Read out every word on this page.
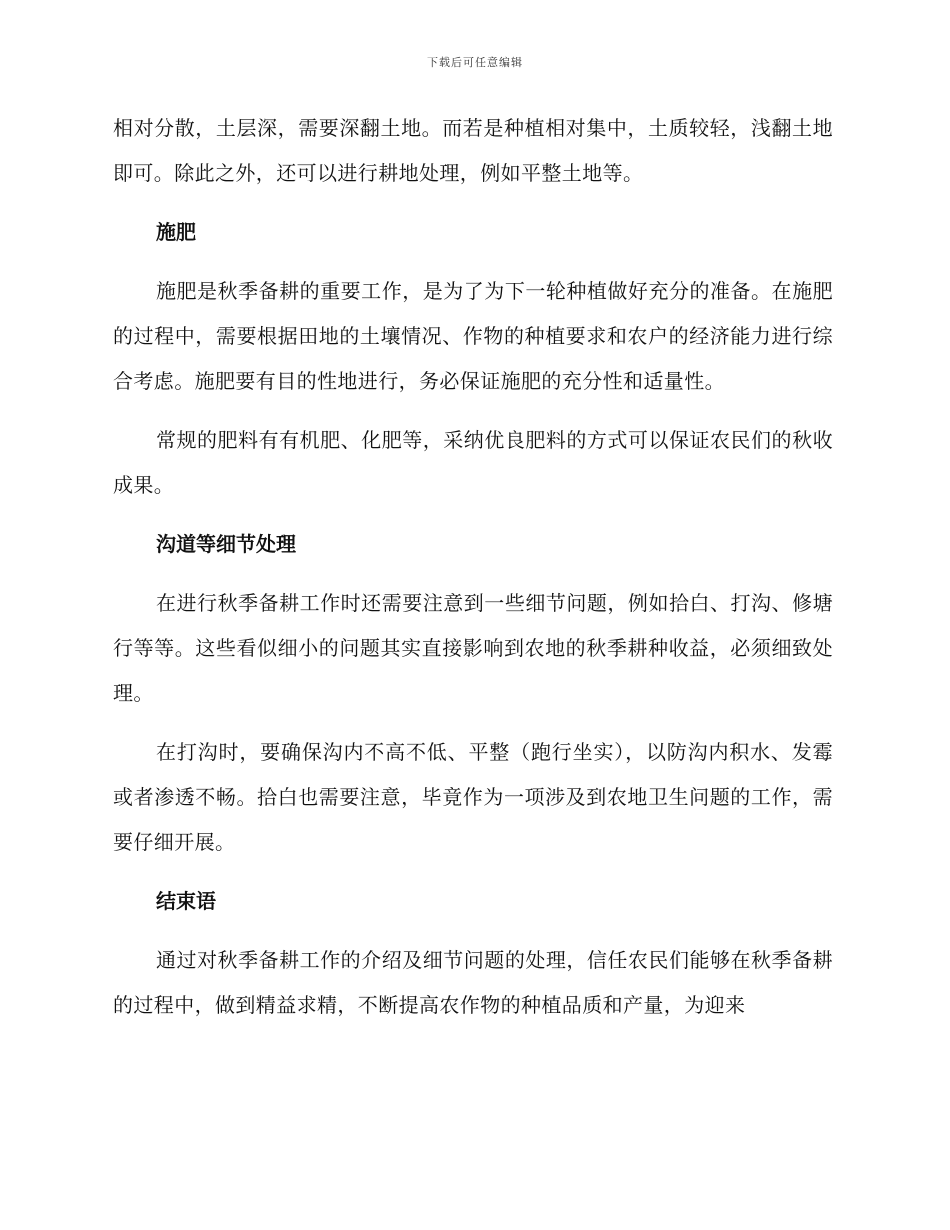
下载后可任意编辑

相对分散，土层深，需要深翻土地。而若是种植相对集中，土质较轻，浅翻土地即可。除此之外，还可以进行耕地处理，例如平整土地等。

施肥

施肥是秋季备耕的重要工作，是为了为下一轮种植做好充分的准备。在施肥的过程中，需要根据田地的土壤情况、作物的种植要求和农户的经济能力进行综合考虑。施肥要有目的性地进行，务必保证施肥的充分性和适量性。

常规的肥料有有机肥、化肥等，采纳优良肥料的方式可以保证农民们的秋收成果。

沟道等细节处理

在进行秋季备耕工作时还需要注意到一些细节问题，例如拾白、打沟、修塘行等等。这些看似细小的问题其实直接影响到农地的秋季耕种收益，必须细致处理。

在打沟时，要确保沟内不高不低、平整（跑行坐实），以防沟内积水、发霉或者渗透不畅。拾白也需要注意，毕竟作为一项涉及到农地卫生问题的工作，需要仔细开展。

结束语

通过对秋季备耕工作的介绍及细节问题的处理，信任农民们能够在秋季备耕的过程中，做到精益求精，不断提高农作物的种植品质和产量，为迎来
